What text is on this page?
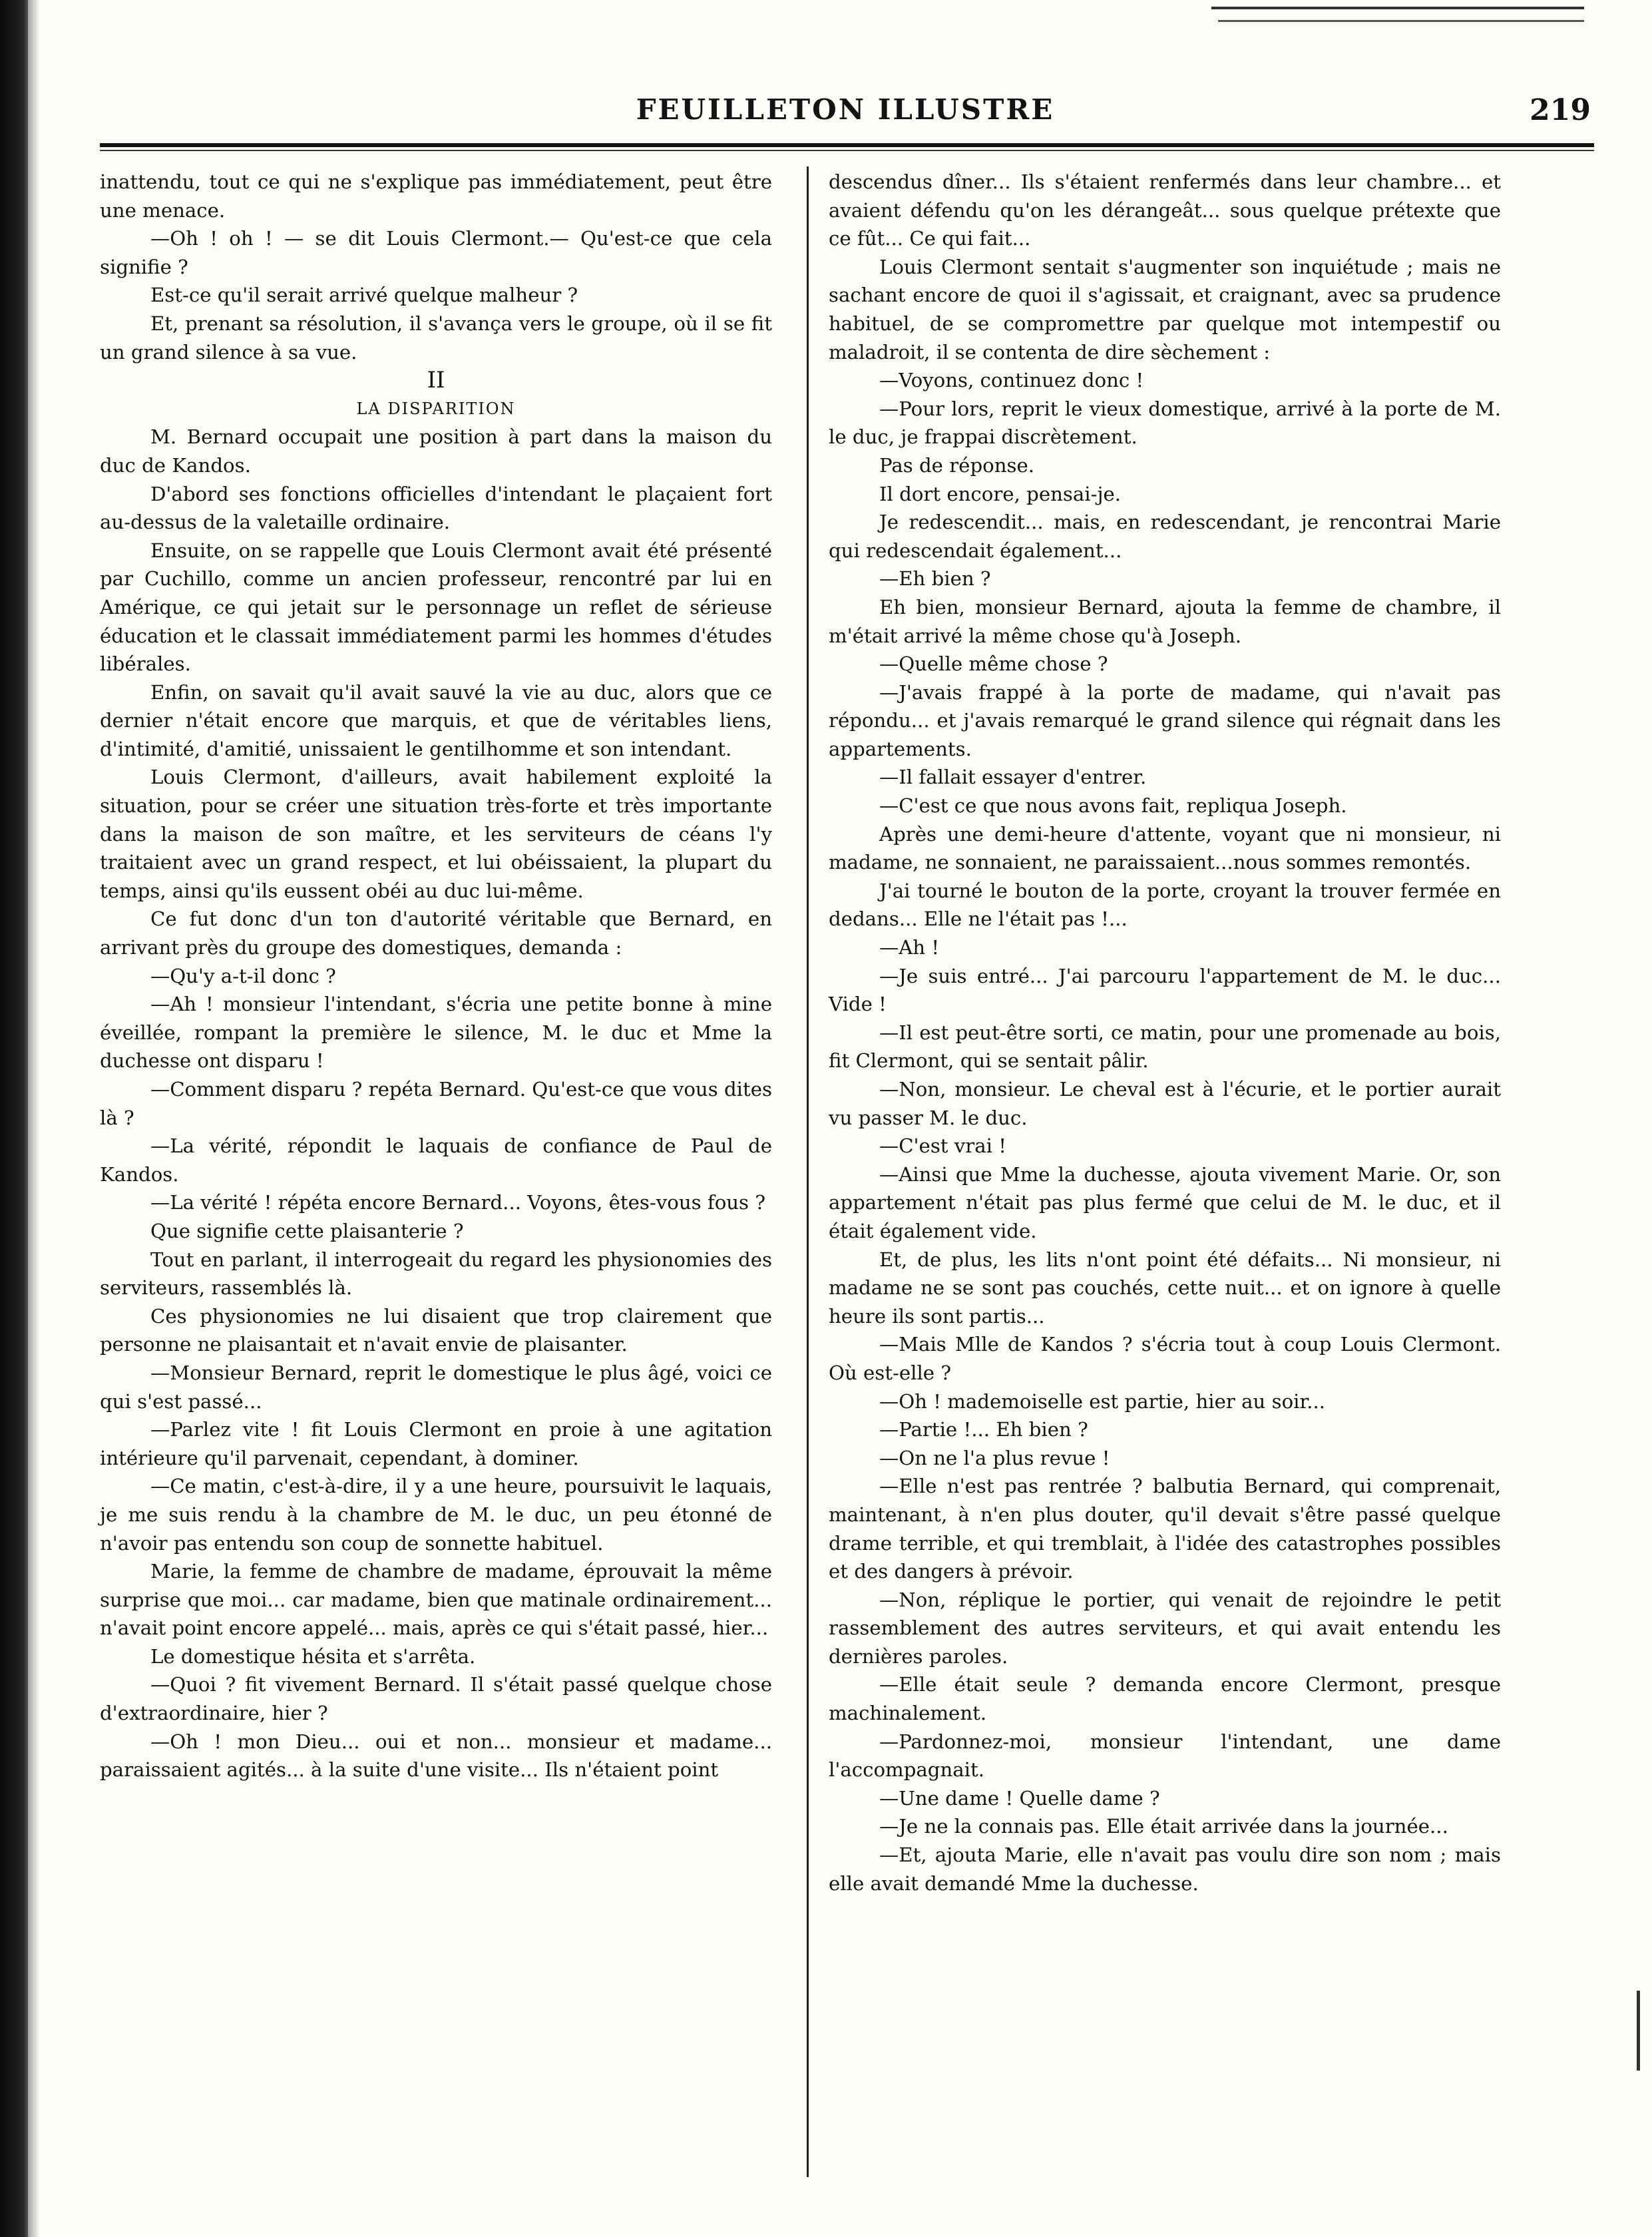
FEUILLETON ILLUSTRE	219

inattendu, tout ce qui ne s'explique pas immédiatement, peut être une menace.

—Oh ! oh ! — se dit Louis Clermont.— Qu'est-ce que cela signifie ?

Est-ce qu'il serait arrivé quelque malheur ?

Et, prenant sa résolution, il s'avança vers le groupe, où il se fit un grand silence à sa vue.

II

LA DISPARITION

M. Bernard occupait une position à part dans la maison du duc de Kandos.

D'abord ses fonctions officielles d'intendant le plaçaient fort au-dessus de la valetaille ordinaire.

Ensuite, on se rappelle que Louis Clermont avait été présenté par Cuchillo, comme un ancien professeur, rencontré par lui en Amérique, ce qui jetait sur le personnage un reflet de sérieuse éducation et le classait immédiatement parmi les hommes d'études libérales.

Enfin, on savait qu'il avait sauvé la vie au duc, alors que ce dernier n'était encore que marquis, et que de véritables liens, d'intimité, d'amitié, unissaient le gentilhomme et son intendant.

Louis Clermont, d'ailleurs, avait habilement exploité la situation, pour se créer une situation très-forte et très importante dans la maison de son maître, et les serviteurs de céans l'y traitaient avec un grand respect, et lui obéissaient, la plupart du temps, ainsi qu'ils eussent obéi au duc lui-même.

Ce fut donc d'un ton d'autorité véritable que Bernard, en arrivant près du groupe des domestiques, demanda :

—Qu'y a-t-il donc ?

—Ah ! monsieur l'intendant, s'écria une petite bonne à mine éveillée, rompant la première le silence, M. le duc et Mme la duchesse ont disparu !

—Comment disparu ? repéta Bernard. Qu'est-ce que vous dites là ?

—La vérité, répondit le laquais de confiance de Paul de Kandos.

—La vérité ! répéta encore Bernard... Voyons, êtes-vous fous ?

Que signifie cette plaisanterie ?

Tout en parlant, il interrogeait du regard les physionomies des serviteurs, rassemblés là.

Ces physionomies ne lui disaient que trop clairement que personne ne plaisantait et n'avait envie de plaisanter.

—Monsieur Bernard, reprit le domestique le plus âgé, voici ce qui s'est passé...

—Parlez vite ! fit Louis Clermont en proie à une agitation intérieure qu'il parvenait, cependant, à dominer.

—Ce matin, c'est-à-dire, il y a une heure, poursuivit le laquais, je me suis rendu à la chambre de M. le duc, un peu étonné de n'avoir pas entendu son coup de sonnette habituel.

Marie, la femme de chambre de madame, éprouvait la même surprise que moi... car madame, bien que matinale ordinairement... n'avait point encore appelé... mais, après ce qui s'était passé, hier...

Le domestique hésita et s'arrêta.

—Quoi ? fit vivement Bernard. Il s'était passé quelque chose d'extraordinaire, hier ?

—Oh ! mon Dieu... oui et non... monsieur et madame... paraissaient agités... à la suite d'une visite... Ils n'étaient point

descendus dîner... Ils s'étaient renfermés dans leur chambre... et avaient défendu qu'on les dérangeât... sous quelque prétexte que ce fût... Ce qui fait...

Louis Clermont sentait s'augmenter son inquiétude ; mais ne sachant encore de quoi il s'agissait, et craignant, avec sa prudence habituel, de se compromettre par quelque mot intempestif ou maladroit, il se contenta de dire sèchement :

—Voyons, continuez donc !

—Pour lors, reprit le vieux domestique, arrivé à la porte de M. le duc, je frappai discrètement.

Pas de réponse.

Il dort encore, pensai-je.

Je redescendit... mais, en redescendant, je rencontrai Marie qui redescendait également...

—Eh bien ?

Eh bien, monsieur Bernard, ajouta la femme de chambre, il m'était arrivé la même chose qu'à Joseph.

—Quelle même chose ?

—J'avais frappé à la porte de madame, qui n'avait pas répondu... et j'avais remarqué le grand silence qui régnait dans les appartements.

—Il fallait essayer d'entrer.

—C'est ce que nous avons fait, repliqua Joseph.

Après une demi-heure d'attente, voyant que ni monsieur, ni madame, ne sonnaient, ne paraissaient...nous sommes remontés.

J'ai tourné le bouton de la porte, croyant la trouver fermée en dedans... Elle ne l'était pas !...

—Ah !

—Je suis entré... J'ai parcouru l'appartement de M. le duc... Vide !

—Il est peut-être sorti, ce matin, pour une promenade au bois, fit Clermont, qui se sentait pâlir.

—Non, monsieur. Le cheval est à l'écurie, et le portier aurait vu passer M. le duc.

—C'est vrai !

—Ainsi que Mme la duchesse, ajouta vivement Marie. Or, son appartement n'était pas plus fermé que celui de M. le duc, et il était également vide.

Et, de plus, les lits n'ont point été défaits... Ni monsieur, ni madame ne se sont pas couchés, cette nuit... et on ignore à quelle heure ils sont partis...

—Mais Mlle de Kandos ? s'écria tout à coup Louis Clermont. Où est-elle ?

—Oh ! mademoiselle est partie, hier au soir...

—Partie !... Eh bien ?

—On ne l'a plus revue !

—Elle n'est pas rentrée ? balbutia Bernard, qui comprenait, maintenant, à n'en plus douter, qu'il devait s'être passé quelque drame terrible, et qui tremblait, à l'idée des catastrophes possibles et des dangers à prévoir.

—Non, réplique le portier, qui venait de rejoindre le petit rassemblement des autres serviteurs, et qui avait entendu les dernières paroles.

—Elle était seule ? demanda encore Clermont, presque machinalement.

—Pardonnez-moi, monsieur l'intendant, une dame l'accompagnait.

—Une dame ! Quelle dame ?

—Je ne la connais pas. Elle était arrivée dans la journée...

—Et, ajouta Marie, elle n'avait pas voulu dire son nom ; mais elle avait demandé Mme la duchesse.
